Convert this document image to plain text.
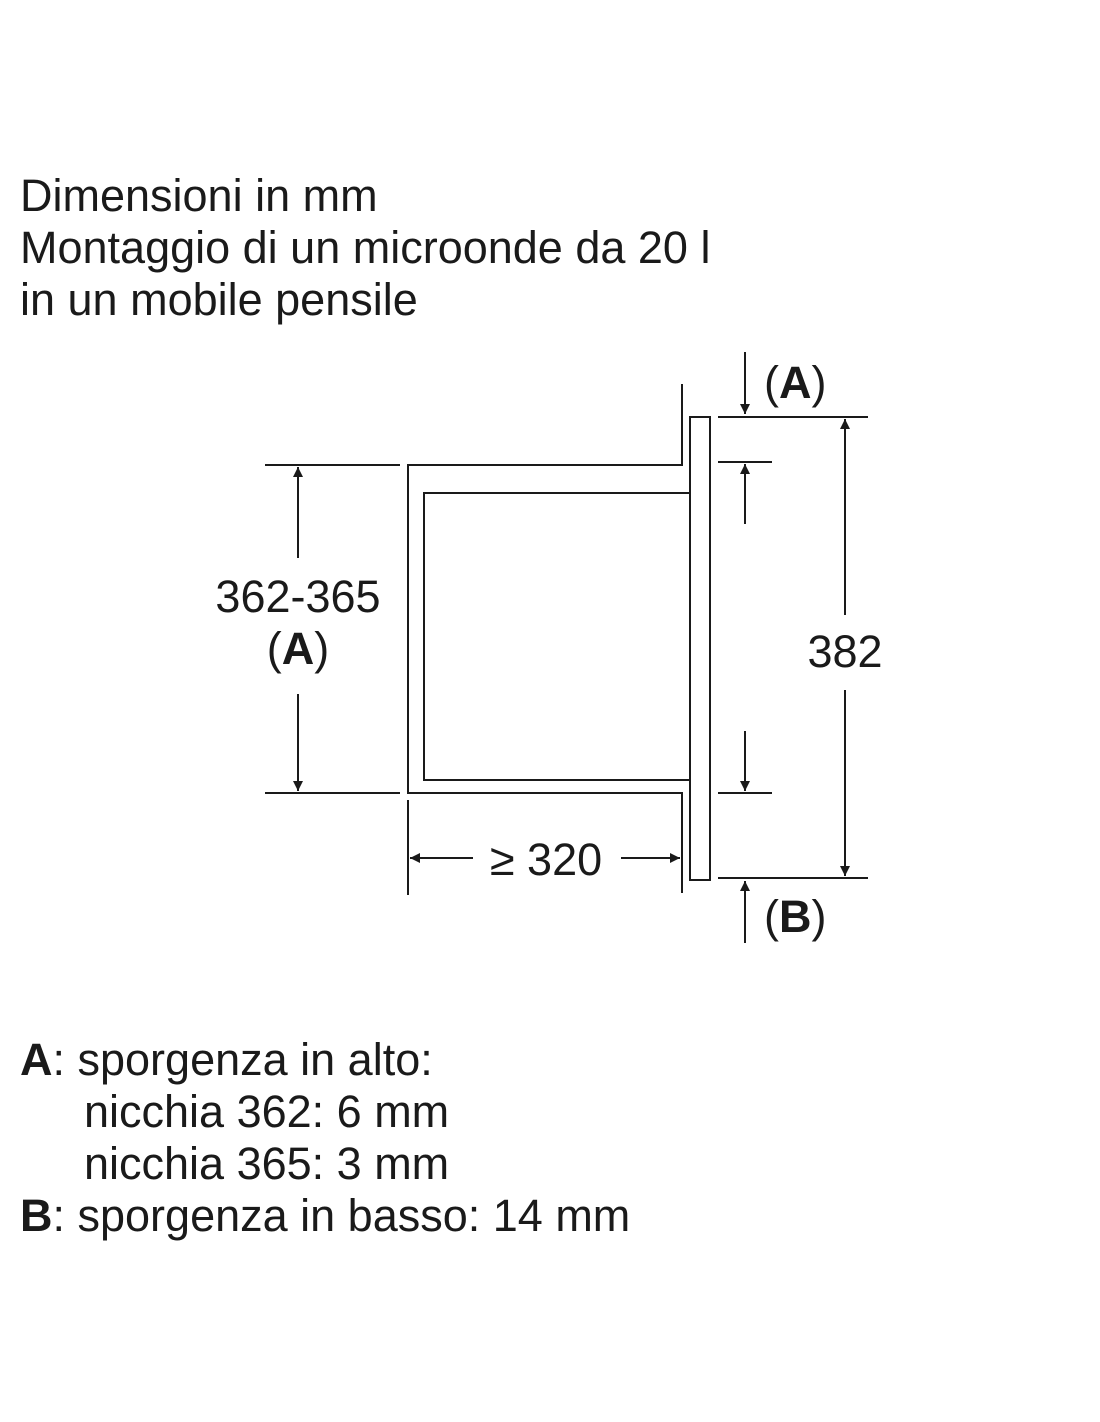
Dimensioni in mm
Montaggio di un microonde da 20 l
in un mobile pensile
362-365
(A)	382
≥ 320
(A)
(B)
A: sporgenza in alto:
nicchia 362: 6 mm
nicchia 365: 3 mm
B: sporgenza in basso: 14 mm
